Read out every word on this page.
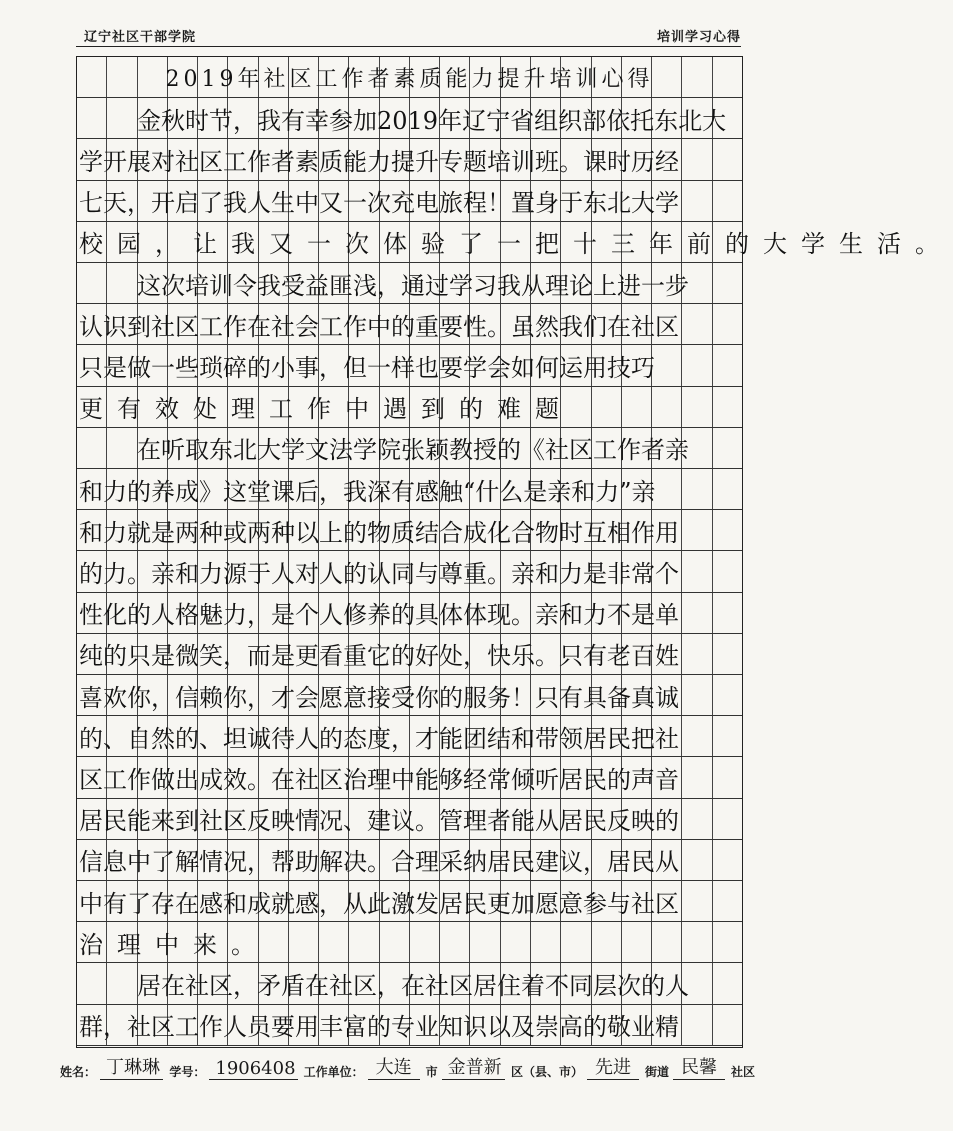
辽宁社区干部学院	培训学习心得
2019年社区工作者素质能力提升培训心得
金秋时节，我有幸参加2019年辽宁省组织部依托东北大
学开展对社区工作者素质能力提升专题培训班。课时历经
七天，开启了我人生中又一次充电旅程！置身于东北大学
校园，让我又一次体验了一把十三年前的大学生活。
这次培训令我受益匪浅，通过学习我从理论上进一步
认识到社区工作在社会工作中的重要性。虽然我们在社区
只是做一些琐碎的小事，但一样也要学会如何运用技巧
更有效处理工作中遇到的难题
在听取东北大学文法学院张颖教授的《社区工作者亲
和力的养成》这堂课后，我深有感触“什么是亲和力”亲
和力就是两种或两种以上的物质结合成化合物时互相作用
的力。亲和力源于人对人的认同与尊重。亲和力是非常个
性化的人格魅力，是个人修养的具体体现。亲和力不是单
纯的只是微笑，而是更看重它的好处，快乐。只有老百姓
喜欢你，信赖你，才会愿意接受你的服务！只有具备真诚
的、自然的、坦诚待人的态度，才能团结和带领居民把社
区工作做出成效。在社区治理中能够经常倾听居民的声音
居民能来到社区反映情况、建议。管理者能从居民反映的
信息中了解情况，帮助解决。合理采纳居民建议，居民从
中有了存在感和成就感，从此激发居民更加愿意参与社区
治理中来。
居在社区，矛盾在社区，在社区居住着不同层次的人
群，社区工作人员要用丰富的专业知识以及崇高的敬业精
姓名： 丁琳琳 学号： 1906408 工作单位： 大连	市 金普新 区（县、市） 先进	街道 民馨	社区
